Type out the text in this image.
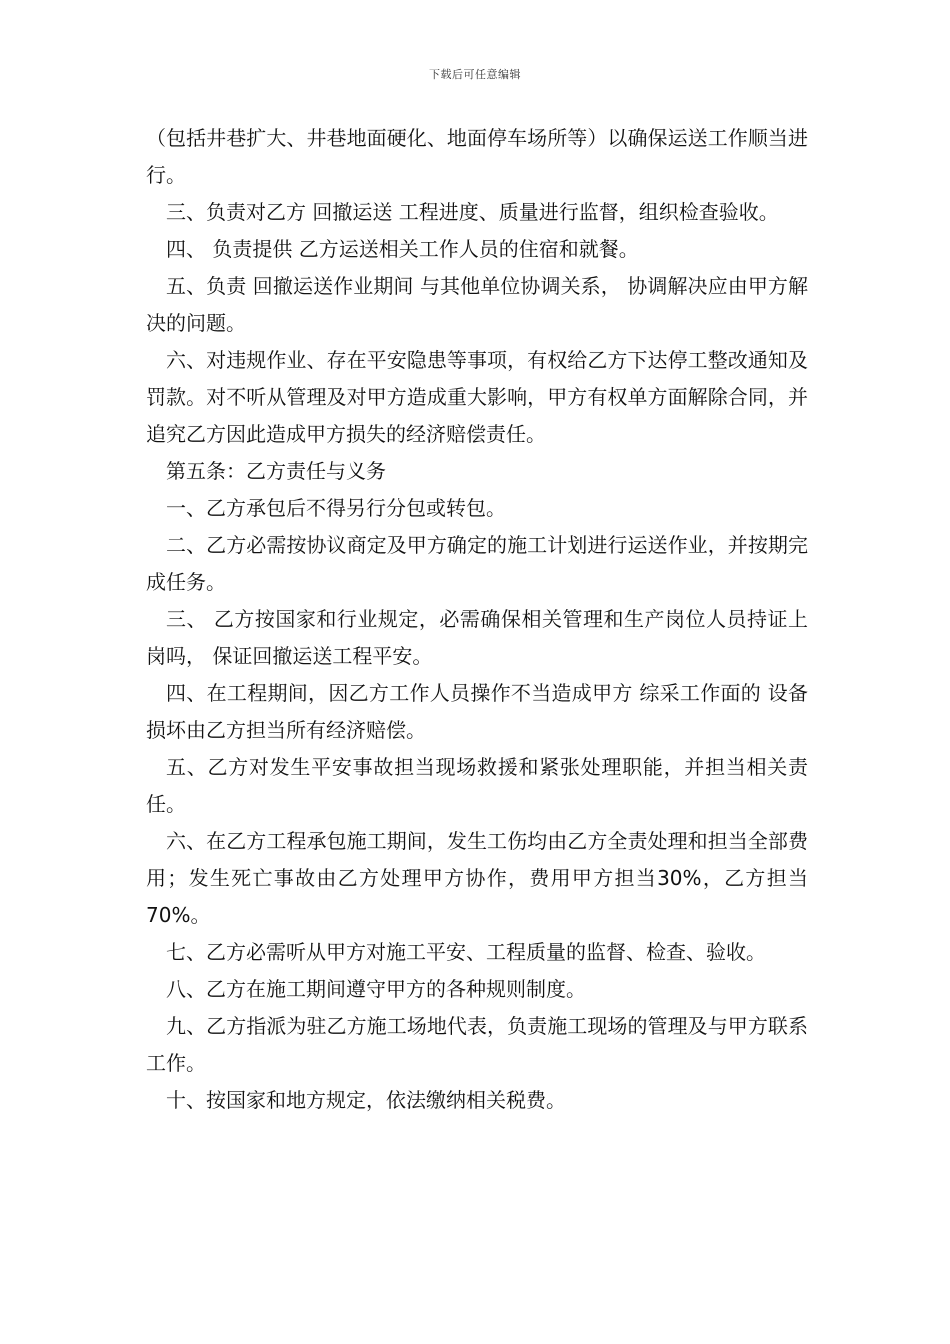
下载后可任意编辑

（包括井巷扩大、井巷地面硬化、地面停车场所等）以确保运送工作顺当进行。

三、负责对乙方 回撤运送 工程进度、质量进行监督，组织检查验收。

四、 负责提供 乙方运送相关工作人员的住宿和就餐。

五、负责 回撤运送作业期间 与其他单位协调关系， 协调解决应由甲方解决的问题。

六、对违规作业、存在平安隐患等事项，有权给乙方下达停工整改通知及罚款。对不听从管理及对甲方造成重大影响，甲方有权单方面解除合同，并追究乙方因此造成甲方损失的经济赔偿责任。

第五条：乙方责任与义务

一、乙方承包后不得另行分包或转包。

二、乙方必需按协议商定及甲方确定的施工计划进行运送作业，并按期完成任务。

三、 乙方按国家和行业规定，必需确保相关管理和生产岗位人员持证上岗吗， 保证回撤运送工程平安。

四、在工程期间，因乙方工作人员操作不当造成甲方 综采工作面的 设备损坏由乙方担当所有经济赔偿。

五、乙方对发生平安事故担当现场救援和紧张处理职能，并担当相关责任。

六、在乙方工程承包施工期间，发生工伤均由乙方全责处理和担当全部费用；发生死亡事故由乙方处理甲方协作，费用甲方担当30%，乙方担当70%。

七、乙方必需听从甲方对施工平安、工程质量的监督、检查、验收。

八、乙方在施工期间遵守甲方的各种规则制度。

九、乙方指派为驻乙方施工场地代表，负责施工现场的管理及与甲方联系工作。

十、按国家和地方规定，依法缴纳相关税费。
